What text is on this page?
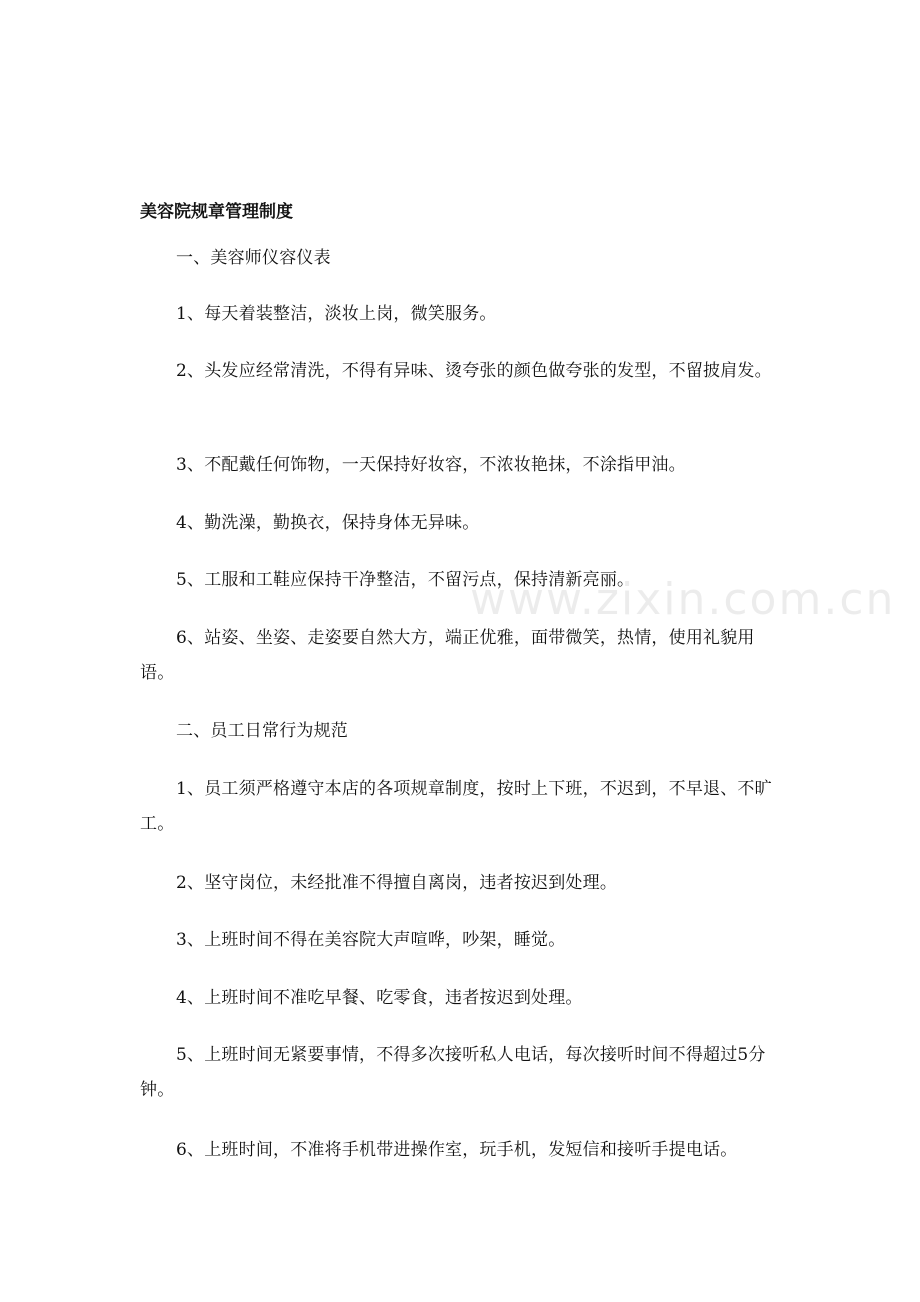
美容院规章管理制度
一、美容师仪容仪表
1、每天着装整洁，淡妆上岗，微笑服务。
2、头发应经常清洗，不得有异味、烫夸张的颜色做夸张的发型，不留披肩发。
3、不配戴任何饰物，一天保持好妆容，不浓妆艳抹，不涂指甲油。
4、勤洗澡，勤换衣，保持身体无异味。
5、工服和工鞋应保持干净整洁，不留污点，保持清新亮丽。
6、站姿、坐姿、走姿要自然大方，端正优雅，面带微笑，热情，使用礼貌用语。
二、员工日常行为规范
1、员工须严格遵守本店的各项规章制度，按时上下班，不迟到，不早退、不旷工。
2、坚守岗位，未经批准不得擅自离岗，违者按迟到处理。
3、上班时间不得在美容院大声喧哗，吵架，睡觉。
4、上班时间不准吃早餐、吃零食，违者按迟到处理。
5、上班时间无紧要事情，不得多次接听私人电话，每次接听时间不得超过5分钟。
6、上班时间，不准将手机带进操作室，玩手机，发短信和接听手提电话。
www.zixin.com.cn
